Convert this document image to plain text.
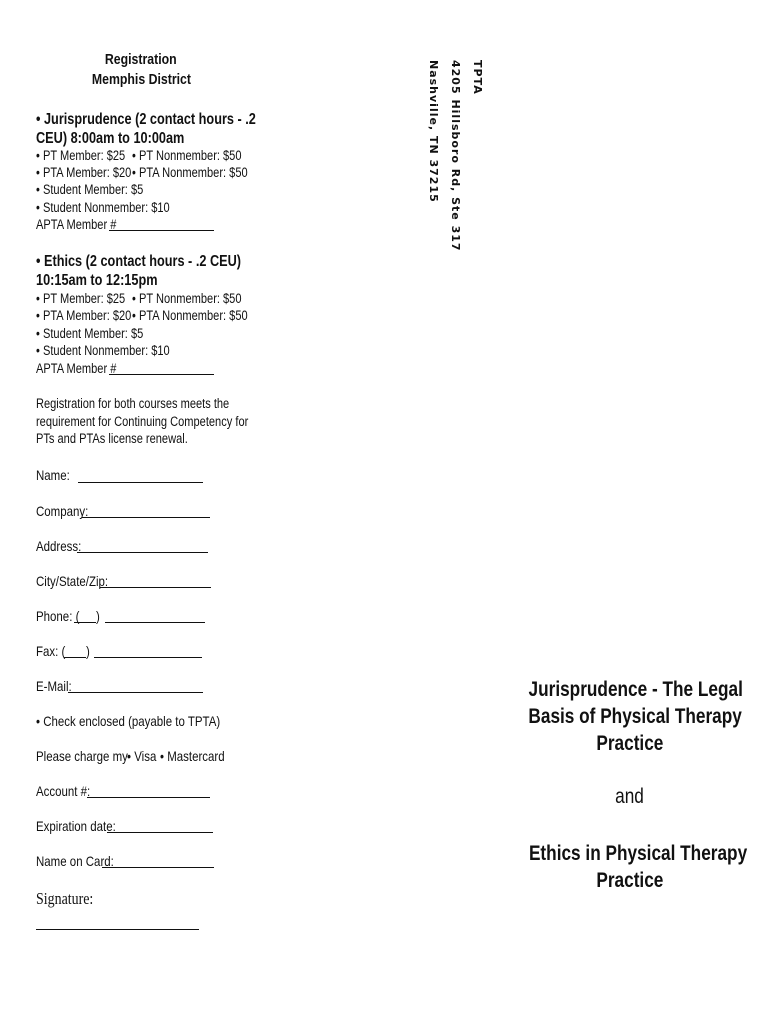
Registration
Memphis District
• Jurisprudence (2 contact hours - .2
CEU) 8:00am to 10:00am
• PT Member: $25 • PT Nonmember: $50
• PTA Member: $20 • PTA Nonmember: $50
• Student Member: $5
• Student Nonmember: $10
APTA Member #
• Ethics (2 contact hours - .2 CEU)
10:15am to 12:15pm
• PT Member: $25 • PT Nonmember: $50
• PTA Member: $20 • PTA Nonmember: $50
• Student Member: $5
• Student Nonmember: $10
APTA Member #
Registration for both courses meets the
requirement for Continuing Competency for
PTs and PTAs license renewal.
Name:
Company:
Address:
City/State/Zip:
Phone: (	)
Fax: (	)
E-Mail:
• Check enclosed (payable to TPTA)
Please charge my • Visa • Mastercard
Account #:
Expiration date:
Name on Card:
Signature:
TPTA
4205 Hillsboro Rd, Ste 317
Nashville, TN 37215
Jurisprudence - The Legal
Basis of Physical Therapy
Practice
and
Ethics in Physical Therapy
Practice
